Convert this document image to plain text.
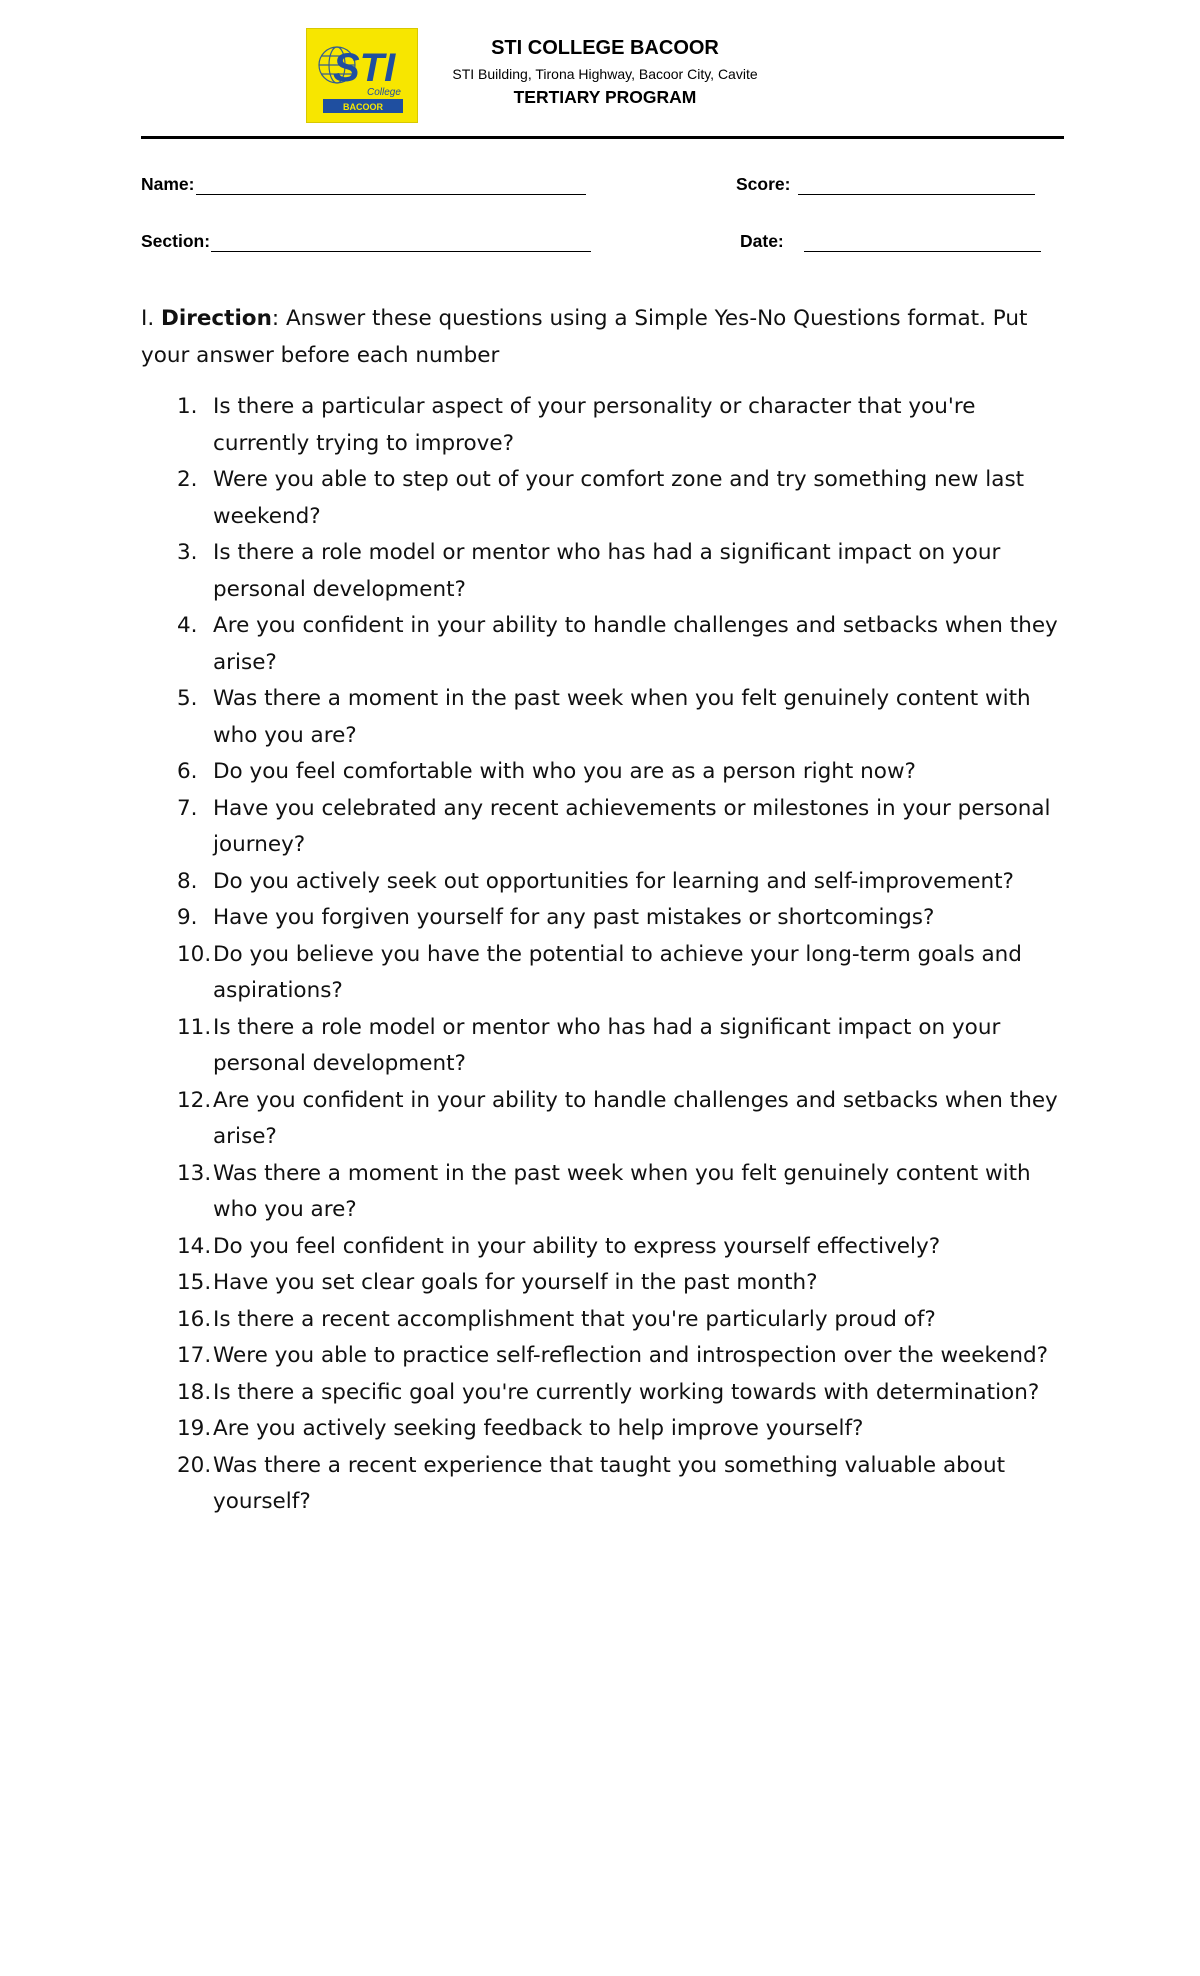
STI
College
BACOOR
STI COLLEGE BACOOR
STI Building, Tirona Highway, Bacoor City, Cavite
TERTIARY PROGRAM
Name:	Score:
Section:	Date:
I. Direction: Answer these questions using a Simple Yes-No Questions format. Put your answer before each number
1. Is there a particular aspect of your personality or character that you're currently trying to improve?
2. Were you able to step out of your comfort zone and try something new last weekend?
3. Is there a role model or mentor who has had a significant impact on your personal development?
4. Are you confident in your ability to handle challenges and setbacks when they arise?
5. Was there a moment in the past week when you felt genuinely content with who you are?
6. Do you feel comfortable with who you are as a person right now?
7. Have you celebrated any recent achievements or milestones in your personal journey?
8. Do you actively seek out opportunities for learning and self-improvement?
9. Have you forgiven yourself for any past mistakes or shortcomings?
10. Do you believe you have the potential to achieve your long-term goals and aspirations?
11. Is there a role model or mentor who has had a significant impact on your personal development?
12. Are you confident in your ability to handle challenges and setbacks when they arise?
13. Was there a moment in the past week when you felt genuinely content with who you are?
14. Do you feel confident in your ability to express yourself effectively?
15. Have you set clear goals for yourself in the past month?
16. Is there a recent accomplishment that you're particularly proud of?
17. Were you able to practice self-reflection and introspection over the weekend?
18. Is there a specific goal you're currently working towards with determination?
19. Are you actively seeking feedback to help improve yourself?
20. Was there a recent experience that taught you something valuable about yourself?
